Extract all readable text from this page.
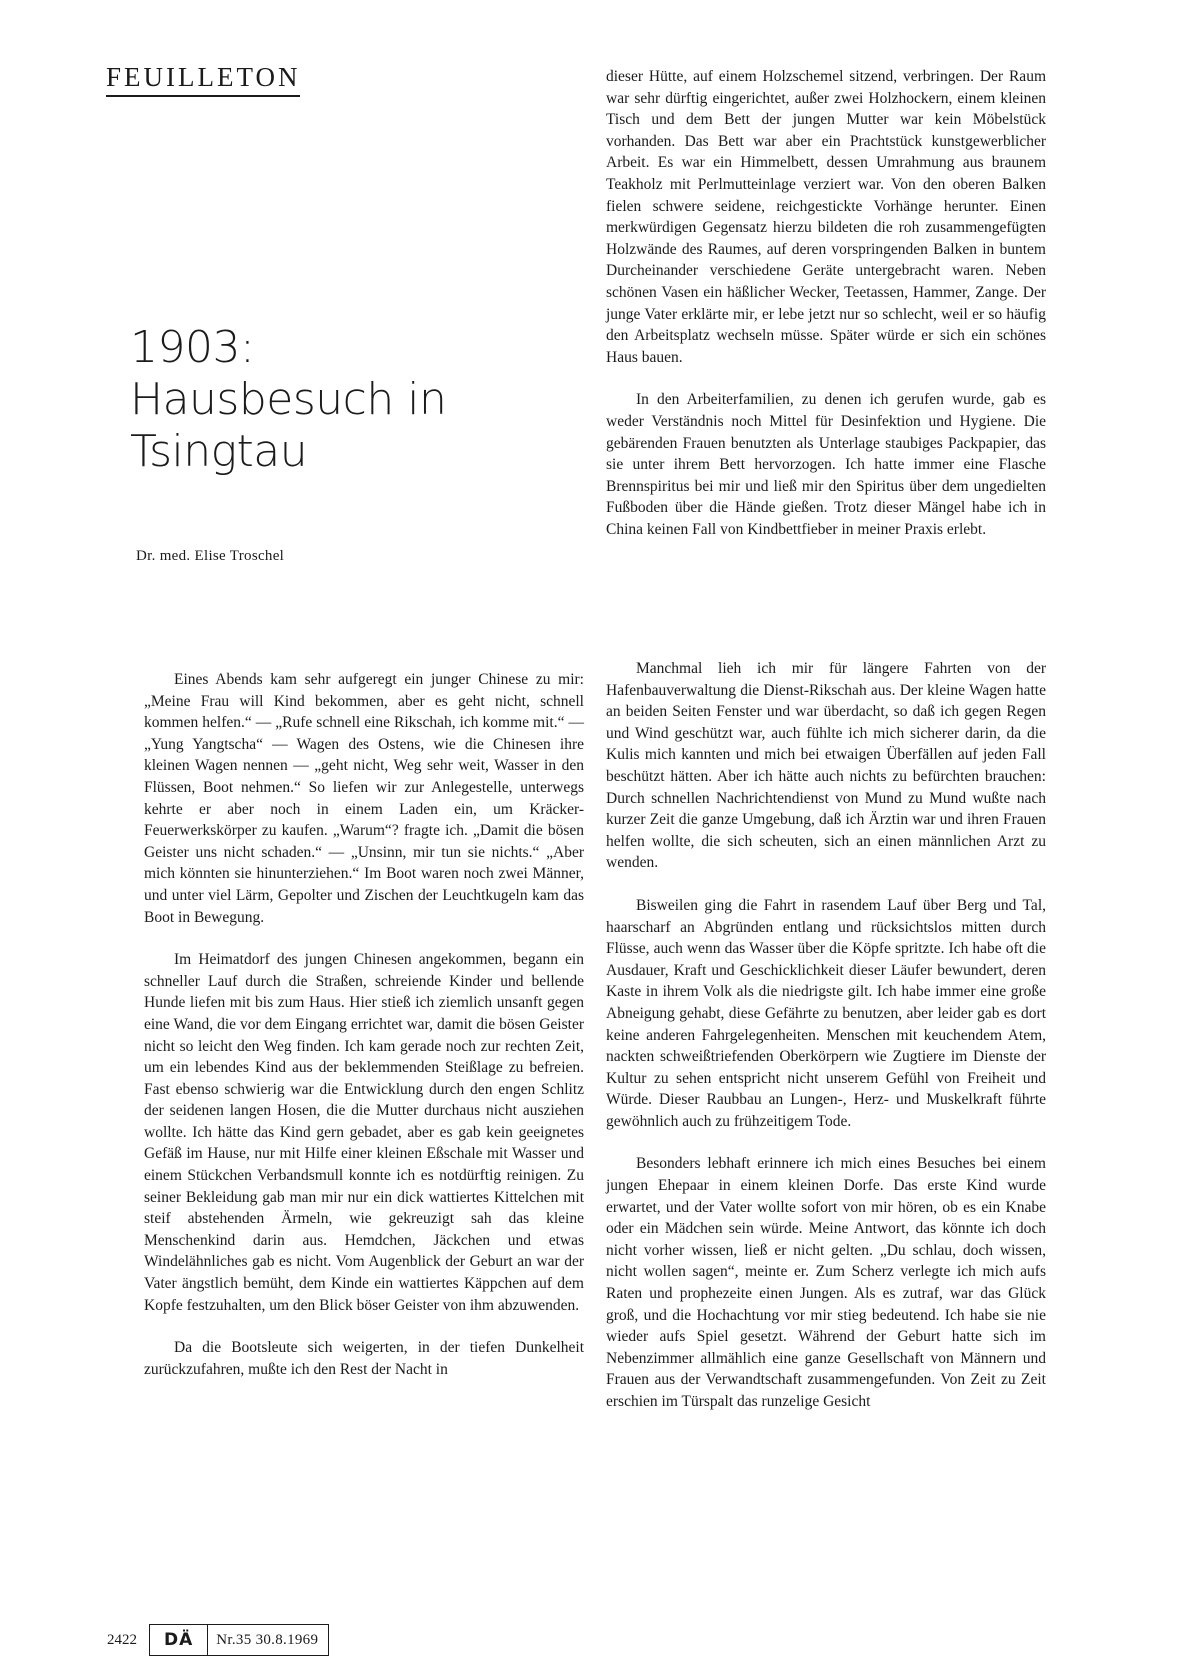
FEUILLETON
1903:
Hausbesuch in
Tsingtau
Dr. med. Elise Troschel

Eines Abends kam sehr aufgeregt ein junger Chinese zu mir: „Meine Frau will Kind bekommen, aber es geht nicht, schnell kommen helfen.“ — „Rufe schnell eine Rikschah, ich komme mit.“ — „Yung Yangtscha“ — Wagen des Ostens, wie die Chinesen ihre kleinen Wagen nennen — „geht nicht, Weg sehr weit, Wasser in den Flüssen, Boot nehmen.“ So liefen wir zur Anlegestelle, unterwegs kehrte er aber noch in einem Laden ein, um Kräcker-Feuerwerkskörper zu kaufen. „Warum“? fragte ich. „Damit die bösen Geister uns nicht schaden.“ — „Unsinn, mir tun sie nichts.“ „Aber mich könnten sie hinunterziehen.“ Im Boot waren noch zwei Männer, und unter viel Lärm, Gepolter und Zischen der Leuchtkugeln kam das Boot in Bewegung.

Im Heimatdorf des jungen Chinesen angekommen, begann ein schneller Lauf durch die Straßen, schreiende Kinder und bellende Hunde liefen mit bis zum Haus. Hier stieß ich ziemlich unsanft gegen eine Wand, die vor dem Eingang errichtet war, damit die bösen Geister nicht so leicht den Weg finden. Ich kam gerade noch zur rechten Zeit, um ein lebendes Kind aus der beklemmenden Steißlage zu befreien. Fast ebenso schwierig war die Entwicklung durch den engen Schlitz der seidenen langen Hosen, die die Mutter durchaus nicht ausziehen wollte. Ich hätte das Kind gern gebadet, aber es gab kein geeignetes Gefäß im Hause, nur mit Hilfe einer kleinen Eßschale mit Wasser und einem Stückchen Verbandsmull konnte ich es notdürftig reinigen. Zu seiner Bekleidung gab man mir nur ein dick wattiertes Kittelchen mit steif abstehenden Ärmeln, wie gekreuzigt sah das kleine Menschenkind darin aus. Hemdchen, Jäckchen und etwas Windelähnliches gab es nicht. Vom Augenblick der Geburt an war der Vater ängstlich bemüht, dem Kinde ein wattiertes Käppchen auf dem Kopfe festzuhalten, um den Blick böser Geister von ihm abzuwenden.

Da die Bootsleute sich weigerten, in der tiefen Dunkelheit zurückzufahren, mußte ich den Rest der Nacht in

dieser Hütte, auf einem Holzschemel sitzend, verbringen. Der Raum war sehr dürftig eingerichtet, außer zwei Holzhockern, einem kleinen Tisch und dem Bett der jungen Mutter war kein Möbelstück vorhanden. Das Bett war aber ein Prachtstück kunstgewerblicher Arbeit. Es war ein Himmelbett, dessen Umrahmung aus braunem Teakholz mit Perlmutteinlage verziert war. Von den oberen Balken fielen schwere seidene, reichgestickte Vorhänge herunter. Einen merkwürdigen Gegensatz hierzu bildeten die roh zusammengefügten Holzwände des Raumes, auf deren vorspringenden Balken in buntem Durcheinander verschiedene Geräte untergebracht waren. Neben schönen Vasen ein häßlicher Wecker, Teetassen, Hammer, Zange. Der junge Vater erklärte mir, er lebe jetzt nur so schlecht, weil er so häufig den Arbeitsplatz wechseln müsse. Später würde er sich ein schönes Haus bauen.

In den Arbeiterfamilien, zu denen ich gerufen wurde, gab es weder Verständnis noch Mittel für Desinfektion und Hygiene. Die gebärenden Frauen benutzten als Unterlage staubiges Packpapier, das sie unter ihrem Bett hervorzogen. Ich hatte immer eine Flasche Brennspiritus bei mir und ließ mir den Spiritus über dem ungedielten Fußboden über die Hände gießen. Trotz dieser Mängel habe ich in China keinen Fall von Kindbettfieber in meiner Praxis erlebt.

Manchmal lieh ich mir für längere Fahrten von der Hafenbauverwaltung die Dienst-Rikschah aus. Der kleine Wagen hatte an beiden Seiten Fenster und war überdacht, so daß ich gegen Regen und Wind geschützt war, auch fühlte ich mich sicherer darin, da die Kulis mich kannten und mich bei etwaigen Überfällen auf jeden Fall beschützt hätten. Aber ich hätte auch nichts zu befürchten brauchen: Durch schnellen Nachrichtendienst von Mund zu Mund wußte nach kurzer Zeit die ganze Umgebung, daß ich Ärztin war und ihren Frauen helfen wollte, die sich scheuten, sich an einen männlichen Arzt zu wenden.

Bisweilen ging die Fahrt in rasendem Lauf über Berg und Tal, haarscharf an Abgründen entlang und rücksichtslos mitten durch Flüsse, auch wenn das Wasser über die Köpfe spritzte. Ich habe oft die Ausdauer, Kraft und Geschicklichkeit dieser Läufer bewundert, deren Kaste in ihrem Volk als die niedrigste gilt. Ich habe immer eine große Abneigung gehabt, diese Gefährte zu benutzen, aber leider gab es dort keine anderen Fahrgelegenheiten. Menschen mit keuchendem Atem, nackten schweißtriefenden Oberkörpern wie Zugtiere im Dienste der Kultur zu sehen entspricht nicht unserem Gefühl von Freiheit und Würde. Dieser Raubbau an Lungen-, Herz- und Muskelkraft führte gewöhnlich auch zu frühzeitigem Tode.

Besonders lebhaft erinnere ich mich eines Besuches bei einem jungen Ehepaar in einem kleinen Dorfe. Das erste Kind wurde erwartet, und der Vater wollte sofort von mir hören, ob es ein Knabe oder ein Mädchen sein würde. Meine Antwort, das könnte ich doch nicht vorher wissen, ließ er nicht gelten. „Du schlau, doch wissen, nicht wollen sagen“, meinte er. Zum Scherz verlegte ich mich aufs Raten und prophezeite einen Jungen. Als es zutraf, war das Glück groß, und die Hochachtung vor mir stieg bedeutend. Ich habe sie nie wieder aufs Spiel gesetzt. Während der Geburt hatte sich im Nebenzimmer allmählich eine ganze Gesellschaft von Männern und Frauen aus der Verwandtschaft zusammengefunden. Von Zeit zu Zeit erschien im Türspalt das runzelige Gesicht

2422	DÄ	Nr.35 30.8.1969
